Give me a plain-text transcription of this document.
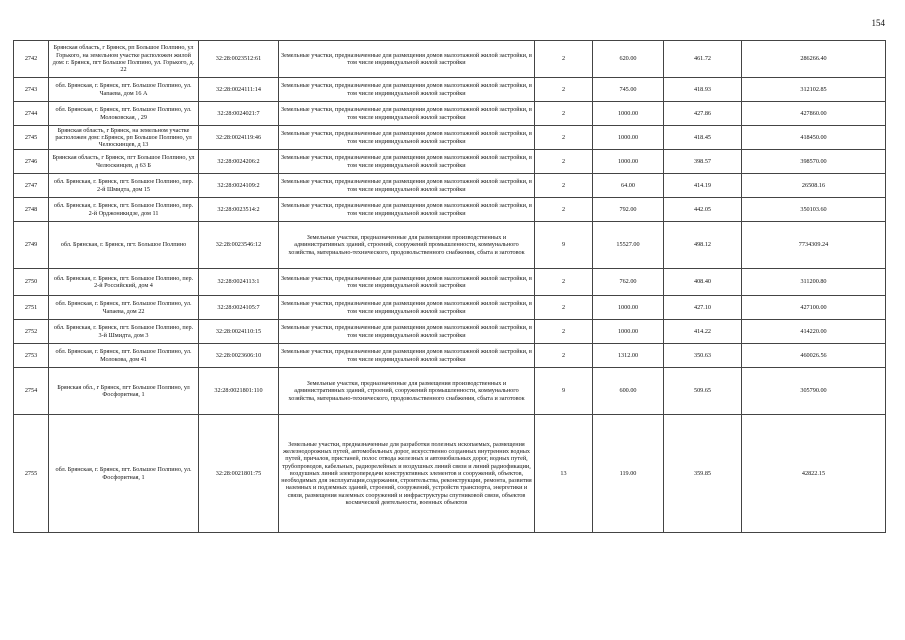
154
2742	Брянская область, г Брянск, рп Большое Полпино, ул Горького, на земельном участке расположен жилой дом: г. Брянск, пгт Большое Полпино, ул. Горького, д. 22	32:28:0023512:61	Земельные участки, предназначенные для размещения домов малоэтажной жилой застройки, в том числе индивидуальной жилой застройки	2	620.00	461.72	286266.40
2743	обл. Брянская, г. Брянск, пгт. Большое Полпино, ул. Чапаева, дом 16 А	32:28:0024111:14	Земельные участки, предназначенные для размещения домов малоэтажной жилой застройки, в том числе индивидуальной жилой застройки	2	745.00	418.93	312102.85
2744	обл. Брянская, г. Брянск, пгт. Большое Полпино, ул. Молоковская, , 29	32:28:0024021:7	Земельные участки, предназначенные для размещения домов малоэтажной жилой застройки, в том числе индивидуальной жилой застройки	2	1000.00	427.86	427860.00
2745	Брянская область, г Брянск, на земельном участке расположен дом: г.Брянск, рп Большое Полпино, ул Челюскинцев, д 13	32:28:0024119:46	Земельные участки, предназначенные для размещения домов малоэтажной жилой застройки, в том числе индивидуальной жилой застройки	2	1000.00	418.45	418450.00
2746	Брянская область, г Брянск, пгт Большое Полпино, ул Челюскинцев, д 63 Б	32:28:0024206:2	Земельные участки, предназначенные для размещения домов малоэтажной жилой застройки, в том числе индивидуальной жилой застройки	2	1000.00	398.57	398570.00
2747	обл. Брянская, г. Брянск, пгт. Большое Полпино, пер. 2-й Шмидта, дом 15	32:28:0024109:2	Земельные участки, предназначенные для размещения домов малоэтажной жилой застройки, в том числе индивидуальной жилой застройки	2	64.00	414.19	26508.16
2748	обл. Брянская, г. Брянск, пгт. Большое Полпино, пер. 2-й Орджоникидзе, дом 11	32:28:0023514:2	Земельные участки, предназначенные для размещения домов малоэтажной жилой застройки, в том числе индивидуальной жилой застройки	2	792.00	442.05	350103.60
2749	обл. Брянская, г. Брянск, пгт. Большое Полпино	32:28:0023546:12	Земельные участки, предназначенные для размещения производственных и административных зданий, строений, сооружений промышленности, коммунального хозяйства, материально-технического, продовольственного снабжения, сбыта и заготовок	9	15527.00	498.12	7734309.24
2750	обл. Брянская, г. Брянск, пгт. Большое Полпино, пер. 2-й Российский, дом 4	32:28:0024113:1	Земельные участки, предназначенные для размещения домов малоэтажной жилой застройки, в том числе индивидуальной жилой застройки	2	762.00	408.40	311200.80
2751	обл. Брянская, г. Брянск, пгт. Большое Полпино, ул. Чапаева, дом 22	32:28:0024105:7	Земельные участки, предназначенные для размещения домов малоэтажной жилой застройки, в том числе индивидуальной жилой застройки	2	1000.00	427.10	427100.00
2752	обл. Брянская, г. Брянск, пгт. Большое Полпино, пер. 3-й Шмидта, дом 3	32:28:0024110:15	Земельные участки, предназначенные для размещения домов малоэтажной жилой застройки, в том числе индивидуальной жилой застройки	2	1000.00	414.22	414220.00
2753	обл. Брянская, г. Брянск, пгт. Большое Полпино, ул. Молокова, дом 41	32:28:0023606:10	Земельные участки, предназначенные для размещения домов малоэтажной жилой застройки, в том числе индивидуальной жилой застройки	2	1312.00	350.63	460026.56
2754	Брянская обл., г Брянск, пгт Большое Полпино, ул Фосфоритная, 1	32:28:0021801:110	Земельные участки, предназначенные для размещения производственных и административных зданий, строений, сооружений промышленности, коммунального хозяйства, материально-технического, продовольственного снабжения, сбыта и заготовок	9	600.00	509.65	305790.00
2755	обл. Брянская, г. Брянск, пгт. Большое Полпино, ул. Фосфоритная, 1	32:28:0021801:75	Земельные участки, предназначенные для разработки полезных ископаемых, размещения железнодорожных путей, автомобильных дорог, искусственно созданных внутренних водных путей, причалов, пристаней, полос отвода железных и автомобильных дорог, водных путей, трубопроводов, кабельных, радиорелейных и воздушных линий связи и линий радиофикации, воздушных линий электропередачи конструктивных элементов и сооружений, объектов, необходимых для эксплуатации,содержания, строительства, реконструкции, ремонта, развития наземных и подземных зданий, строений, сооружений, устройств транспорта, энергетики и связи, размещения наземных сооружений и инфраструктуры спутниковой связи, объектов космической деятельности, военных объектов	13	119.00	359.85	42822.15
